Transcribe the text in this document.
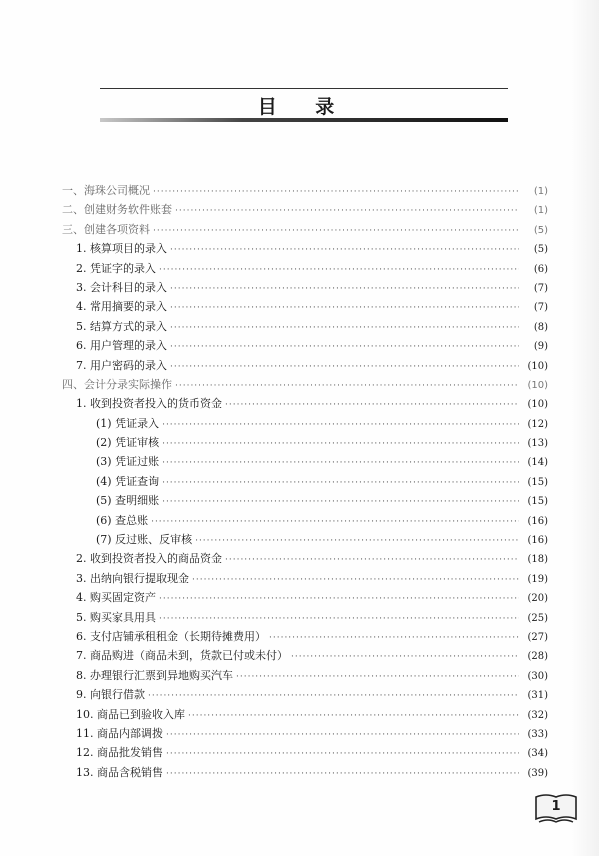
目 录
一、海珠公司概况 ·····	(1)
二、创建财务软件账套 ·····	(1)
三、创建各项资料 ·····	(5)
1. 核算项目的录入 ·····	(5)
2. 凭证字的录入 ·····	(6)
3. 会计科目的录入 ·····	(7)
4. 常用摘要的录入 ·····	(7)
5. 结算方式的录入 ·····	(8)
6. 用户管理的录入 ·····	(9)
7. 用户密码的录入 ·····	(10)
四、会计分录实际操作 ·····	(10)
1. 收到投资者投入的货币资金 ·····	(10)
(1) 凭证录入 ·····	(12)
(2) 凭证审核 ·····	(13)
(3) 凭证过账 ·····	(14)
(4) 凭证查询 ·····	(15)
(5) 查明细账 ·····	(15)
(6) 查总账 ·····	(16)
(7) 反过账、反审核 ·····	(16)
2. 收到投资者投入的商品资金 ·····	(18)
3. 出纳向银行提取现金 ·····	(19)
4. 购买固定资产 ·····	(20)
5. 购买家具用具 ·····	(25)
6. 支付店铺承租租金（长期待摊费用） ·····	(27)
7. 商品购进（商品未到，货款已付或未付） ·····	(28)
8. 办理银行汇票到异地购买汽车 ·····	(30)
9. 向银行借款 ·····	(31)
10. 商品已到验收入库 ·····	(32)
11. 商品内部调拨 ·····	(33)
12. 商品批发销售 ·····	(34)
13. 商品含税销售 ·····	(39)
1
